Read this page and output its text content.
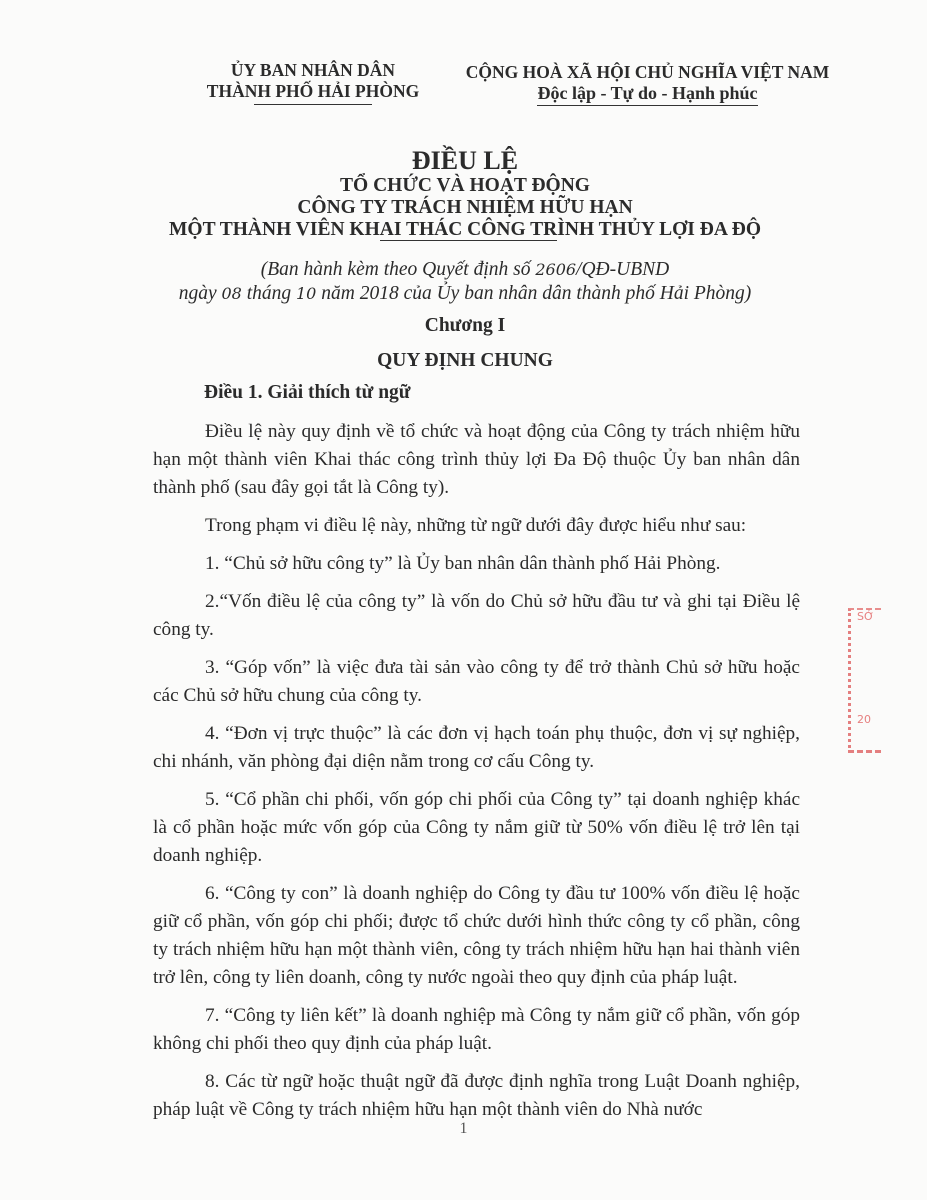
ỦY BAN NHÂN DÂN
THÀNH PHỐ HẢI PHÒNG
CỘNG HOÀ XÃ HỘI CHỦ NGHĨA VIỆT NAM
Độc lập - Tự do - Hạnh phúc
ĐIỀU LỆ
TỔ CHỨC VÀ HOẠT ĐỘNG
CÔNG TY TRÁCH NHIỆM HỮU HẠN
MỘT THÀNH VIÊN KHAI THÁC CÔNG TRÌNH THỦY LỢI ĐA ĐỘ
(Ban hành kèm theo Quyết định số 2606/QĐ-UBND
ngày 08 tháng 10 năm 2018 của Ủy ban nhân dân thành phố Hải Phòng)
Chương I
QUY ĐỊNH CHUNG
Điều 1. Giải thích từ ngữ

Điều lệ này quy định về tổ chức và hoạt động của Công ty trách nhiệm hữu hạn một thành viên Khai thác công trình thủy lợi Đa Độ thuộc Ủy ban nhân dân thành phố (sau đây gọi tắt là Công ty).

Trong phạm vi điều lệ này, những từ ngữ dưới đây được hiểu như sau:

1. “Chủ sở hữu công ty” là Ủy ban nhân dân thành phố Hải Phòng.

2.“Vốn điều lệ của công ty” là vốn do Chủ sở hữu đầu tư và ghi tại Điều lệ công ty.

3. “Góp vốn” là việc đưa tài sản vào công ty để trở thành Chủ sở hữu hoặc các Chủ sở hữu chung của công ty.

4. “Đơn vị trực thuộc” là các đơn vị hạch toán phụ thuộc, đơn vị sự nghiệp, chi nhánh, văn phòng đại diện nằm trong cơ cấu Công ty.

5. “Cổ phần chi phối, vốn góp chi phối của Công ty” tại doanh nghiệp khác là cổ phần hoặc mức vốn góp của Công ty nắm giữ từ 50% vốn điều lệ trở lên tại doanh nghiệp.

6. “Công ty con” là doanh nghiệp do Công ty đầu tư 100% vốn điều lệ hoặc giữ cổ phần, vốn góp chi phối; được tổ chức dưới hình thức công ty cổ phần, công ty trách nhiệm hữu hạn một thành viên, công ty trách nhiệm hữu hạn hai thành viên trở lên, công ty liên doanh, công ty nước ngoài theo quy định của pháp luật.

7. “Công ty liên kết” là doanh nghiệp mà Công ty nắm giữ cổ phần, vốn góp không chi phối theo quy định của pháp luật.

8. Các từ ngữ hoặc thuật ngữ đã được định nghĩa trong Luật Doanh nghiệp, pháp luật về Công ty trách nhiệm hữu hạn một thành viên do Nhà nước

SỞ
20
1
